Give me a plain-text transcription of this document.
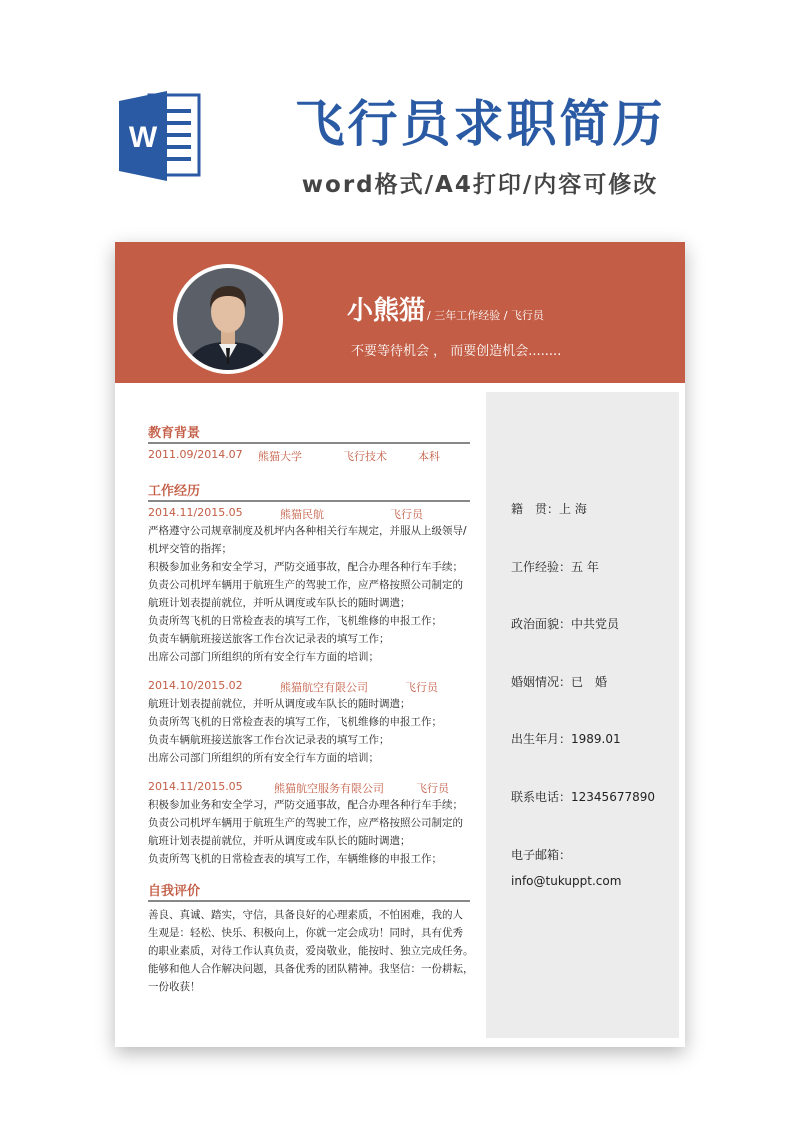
W	飞行员求职简历
word格式/A4打印/内容可修改
小熊猫 / 三年工作经验 / 飞行员
不要等待机会 ， 而要创造机会........
籍　贯：上 海
工作经验：五 年
政治面貌：中共党员
婚姻情况：已　婚
出生年月：1989.01
联系电话：12345677890
电子邮箱：
info@tukuppt.com
教育背景
2011.09/2014.07	熊猫大学	飞行技术	本科
工作经历
2014.11/2015.05	熊猫民航	飞行员
严格遵守公司规章制度及机坪内各种相关行车规定，并服从上级领导/
机坪交管的指挥；
积极参加业务和安全学习，严防交通事故，配合办理各种行车手续；
负责公司机坪车辆用于航班生产的驾驶工作，应严格按照公司制定的
航班计划表提前就位，并听从调度或车队长的随时调遣；
负责所驾飞机的日常检查表的填写工作，飞机维修的申报工作；
负责车辆航班接送旅客工作台次记录表的填写工作；
出席公司部门所组织的所有安全行车方面的培训；
2014.10/2015.02	熊猫航空有限公司	飞行员
航班计划表提前就位，并听从调度或车队长的随时调遣；
负责所驾飞机的日常检查表的填写工作，飞机维修的申报工作；
负责车辆航班接送旅客工作台次记录表的填写工作；
出席公司部门所组织的所有安全行车方面的培训；
2014.11/2015.05	熊猫航空服务有限公司	飞行员
积极参加业务和安全学习，严防交通事故，配合办理各种行车手续；
负责公司机坪车辆用于航班生产的驾驶工作，应严格按照公司制定的
航班计划表提前就位，并听从调度或车队长的随时调遣；
负责所驾飞机的日常检查表的填写工作，车辆维修的申报工作；
自我评价
善良、真诚、踏实，守信，具备良好的心理素质，不怕困难，我的人
生观是：轻松、快乐、积极向上，你就一定会成功！同时，具有优秀
的职业素质，对待工作认真负责，爱岗敬业，能按时、独立完成任务。
能够和他人合作解决问题，具备优秀的团队精神。我坚信：一份耕耘，
一份收获！
